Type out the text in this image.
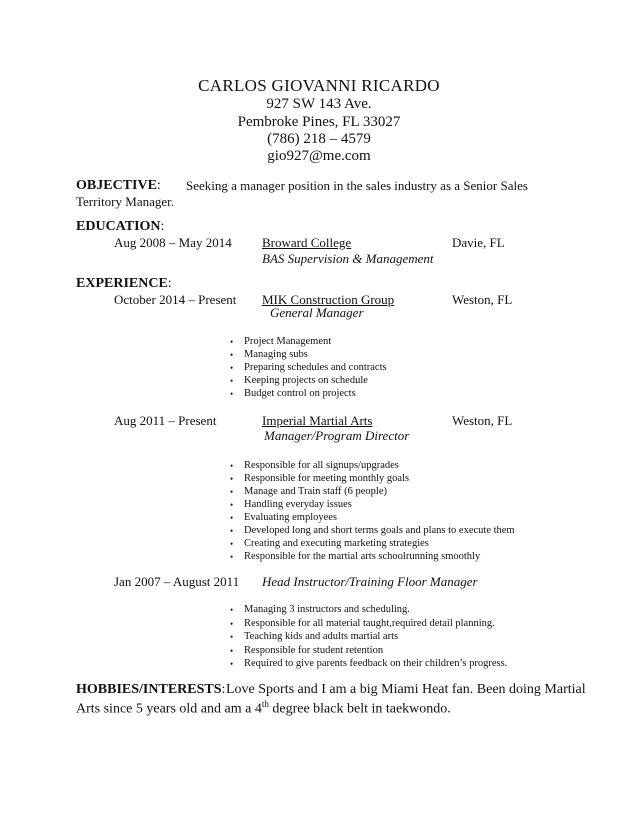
CARLOS GIOVANNI RICARDO
927 SW 143 Ave.
Pembroke Pines, FL 33027
(786) 218 – 4579
gio927@me.com
OBJECTIVE: Seeking a manager position in the sales industry as a Senior Sales
Territory Manager.
EDUCATION:
Aug 2008 – May 2014 Broward College	Davie, FL
BAS Supervision & Management
EXPERIENCE:
October 2014 – Present MIK Construction Group	Weston, FL
General Manager
• Project Management
• Managing subs
• Preparing schedules and contracts
• Keeping projects on schedule
• Budget control on projects
Aug 2011 – Present	Imperial Martial Arts	Weston, FL
Manager/Program Director
• Responsible for all signups/upgrades
• Responsible for meeting monthly goals
• Manage and Train staff (6 people)
• Handling everyday issues
• Evaluating employees
• Developed long and short terms goals and plans to execute them
• Creating and executing marketing strategies
• Responsible for the martial arts schoolrunning smoothly
Jan 2007 – August 2011 Head Instructor/Training Floor Manager
• Managing 3 instructors and scheduling.
• Responsible for all material taught,required detail planning.
• Teaching kids and adults martial arts
• Responsible for student retention
• Required to give parents feedback on their children’s progress.
HOBBIES/INTERESTS: Love Sports and I am a big Miami Heat fan. Been doing Martial
Arts since 5 years old and am a 4th degree black belt in taekwondo.
